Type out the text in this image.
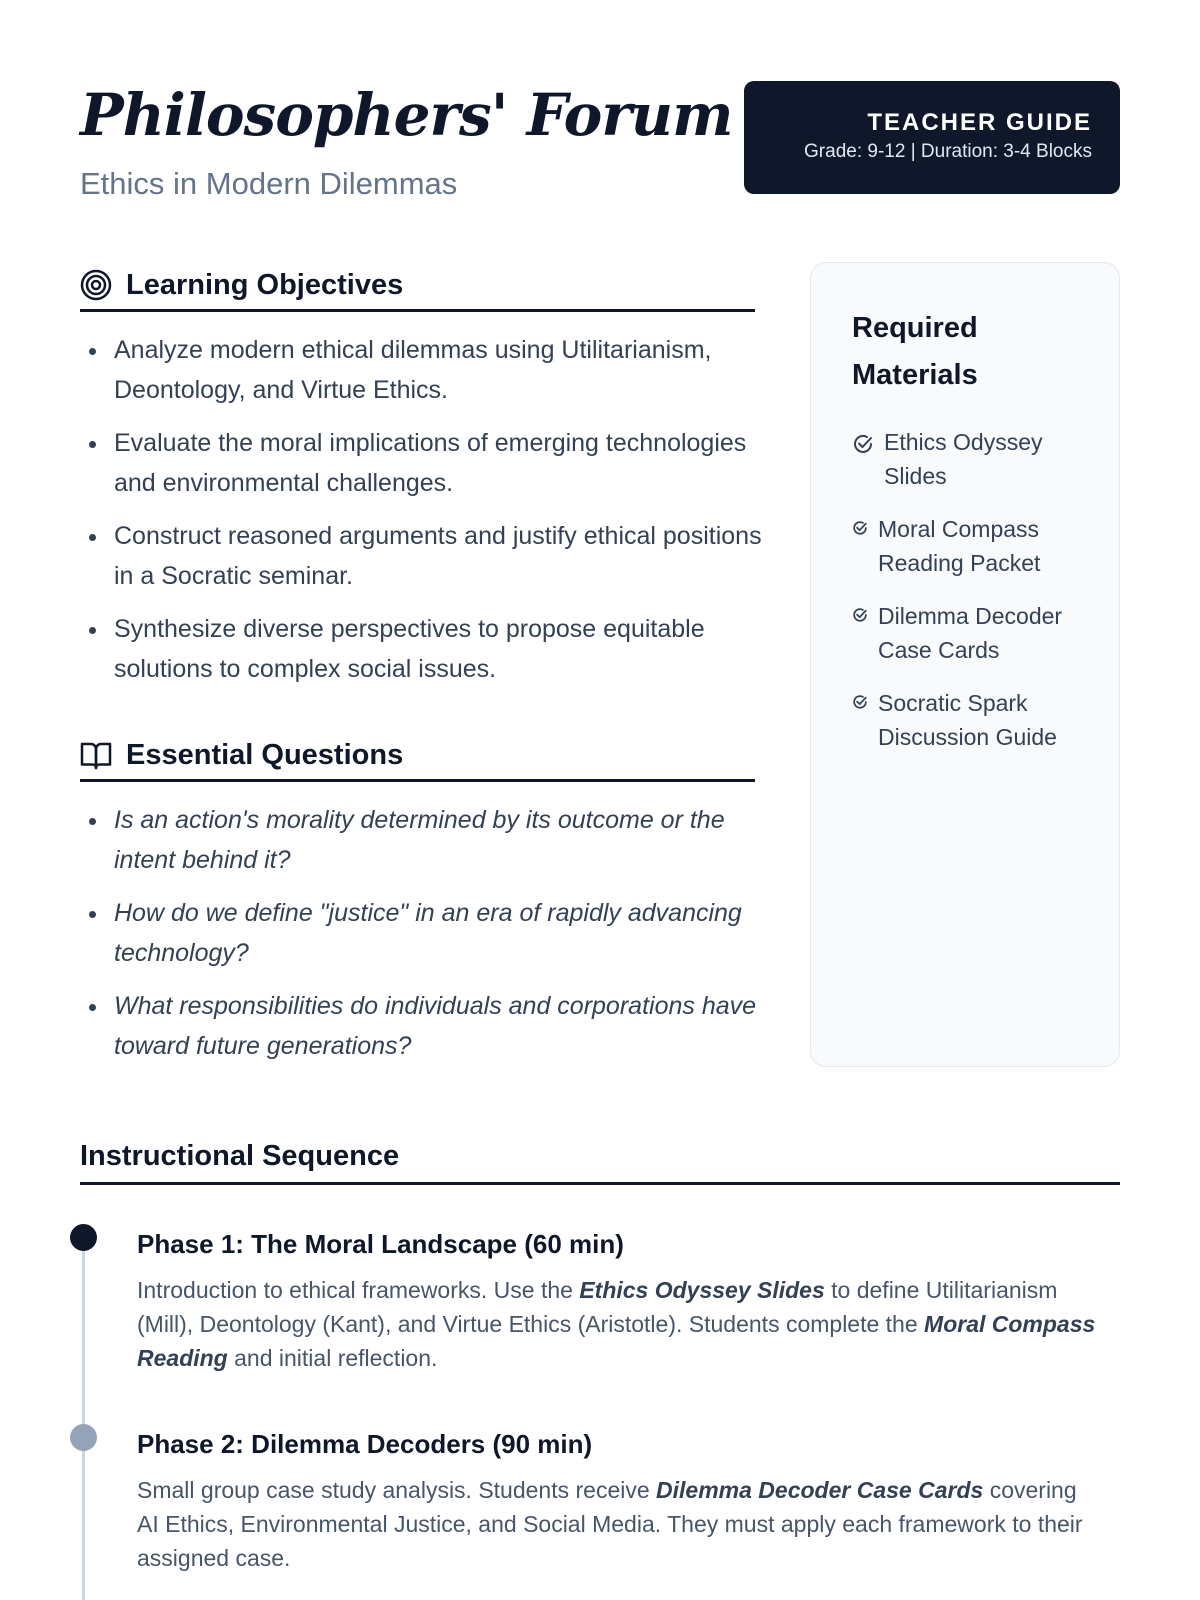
Philosophers' Forum
Ethics in Modern Dilemmas
TEACHER GUIDE
Grade: 9-12 | Duration: 3-4 Blocks
Learning Objectives
Analyze modern ethical dilemmas using Utilitarianism, Deontology, and Virtue Ethics.
Evaluate the moral implications of emerging technologies and environmental challenges.
Construct reasoned arguments and justify ethical positions in a Socratic seminar.
Synthesize diverse perspectives to propose equitable solutions to complex social issues.
Essential Questions
Is an action's morality determined by its outcome or the intent behind it?
How do we define "justice" in an era of rapidly advancing technology?
What responsibilities do individuals and corporations have toward future generations?
Required Materials
Ethics Odyssey Slides
Moral Compass Reading Packet
Dilemma Decoder Case Cards
Socratic Spark Discussion Guide
Instructional Sequence
Phase 1: The Moral Landscape (60 min)

Introduction to ethical frameworks. Use the Ethics Odyssey Slides to define Utilitarianism (Mill), Deontology (Kant), and Virtue Ethics (Aristotle). Students complete the Moral Compass Reading and initial reflection.

Phase 2: Dilemma Decoders (90 min)

Small group case study analysis. Students receive Dilemma Decoder Case Cards covering AI Ethics, Environmental Justice, and Social Media. They must apply each framework to their assigned case.
